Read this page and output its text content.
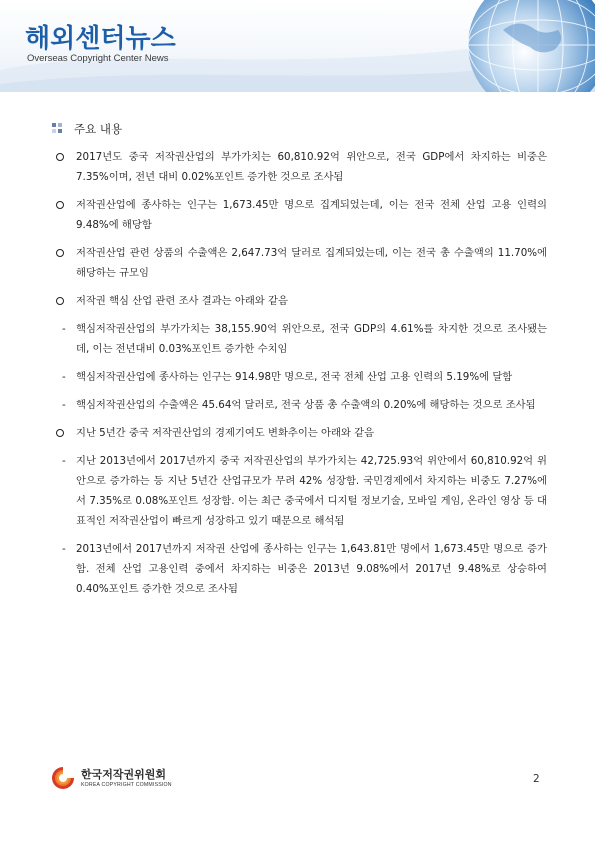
해외센터뉴스
Overseas Copyright Center News
주요 내용
2017년도 중국 저작권산업의 부가가치는 60,810.92억 위안으로, 전국 GDP에서 차지하는 비중은 7.35%이며, 전년 대비 0.02%포인트 증가한 것으로 조사됨
저작권산업에 종사하는 인구는 1,673.45만 명으로 집계되었는데, 이는 전국 전체 산업 고용 인력의 9.48%에 해당함
저작권산업 관련 상품의 수출액은 2,647.73억 달러로 집계되었는데, 이는 전국 총 수출액의 11.70%에 해당하는 규모임
저작권 핵심 산업 관련 조사 결과는 아래와 같음
- 핵심저작권산업의 부가가치는 38,155.90억 위안으로, 전국 GDP의 4.61%를 차지한 것으로 조사됐는데, 이는 전년대비 0.03%포인트 증가한 수치임
- 핵심저작권산업에 종사하는 인구는 914.98만 명으로, 전국 전체 산업 고용 인력의 5.19%에 달함
- 핵심저작권산업의 수출액은 45.64억 달러로, 전국 상품 총 수출액의 0.20%에 해당하는 것으로 조사됨
지난 5년간 중국 저작권산업의 경제기여도 변화추이는 아래와 같음
- 지난 2013년에서 2017년까지 중국 저작권산업의 부가가치는 42,725.93억 위안에서 60,810.92억 위안으로 증가하는 등 지난 5년간 산업규모가 무려 42% 성장함. 국민경제에서 차지하는 비중도 7.27%에서 7.35%로 0.08%포인트 성장함. 이는 최근 중국에서 디지털 정보기술, 모바일 게임, 온라인 영상 등 대표적인 저작권산업이 빠르게 성장하고 있기 때문으로 해석됨
- 2013년에서 2017년까지 저작권 산업에 종사하는 인구는 1,643.81만 명에서 1,673.45만 명으로 증가함. 전체 산업 고용인력 중에서 차지하는 비중은 2013년 9.08%에서 2017년 9.48%로 상승하여 0.40%포인트 증가한 것으로 조사됨
한국저작권위원회
KOREA COPYRIGHT COMMISSION	2
